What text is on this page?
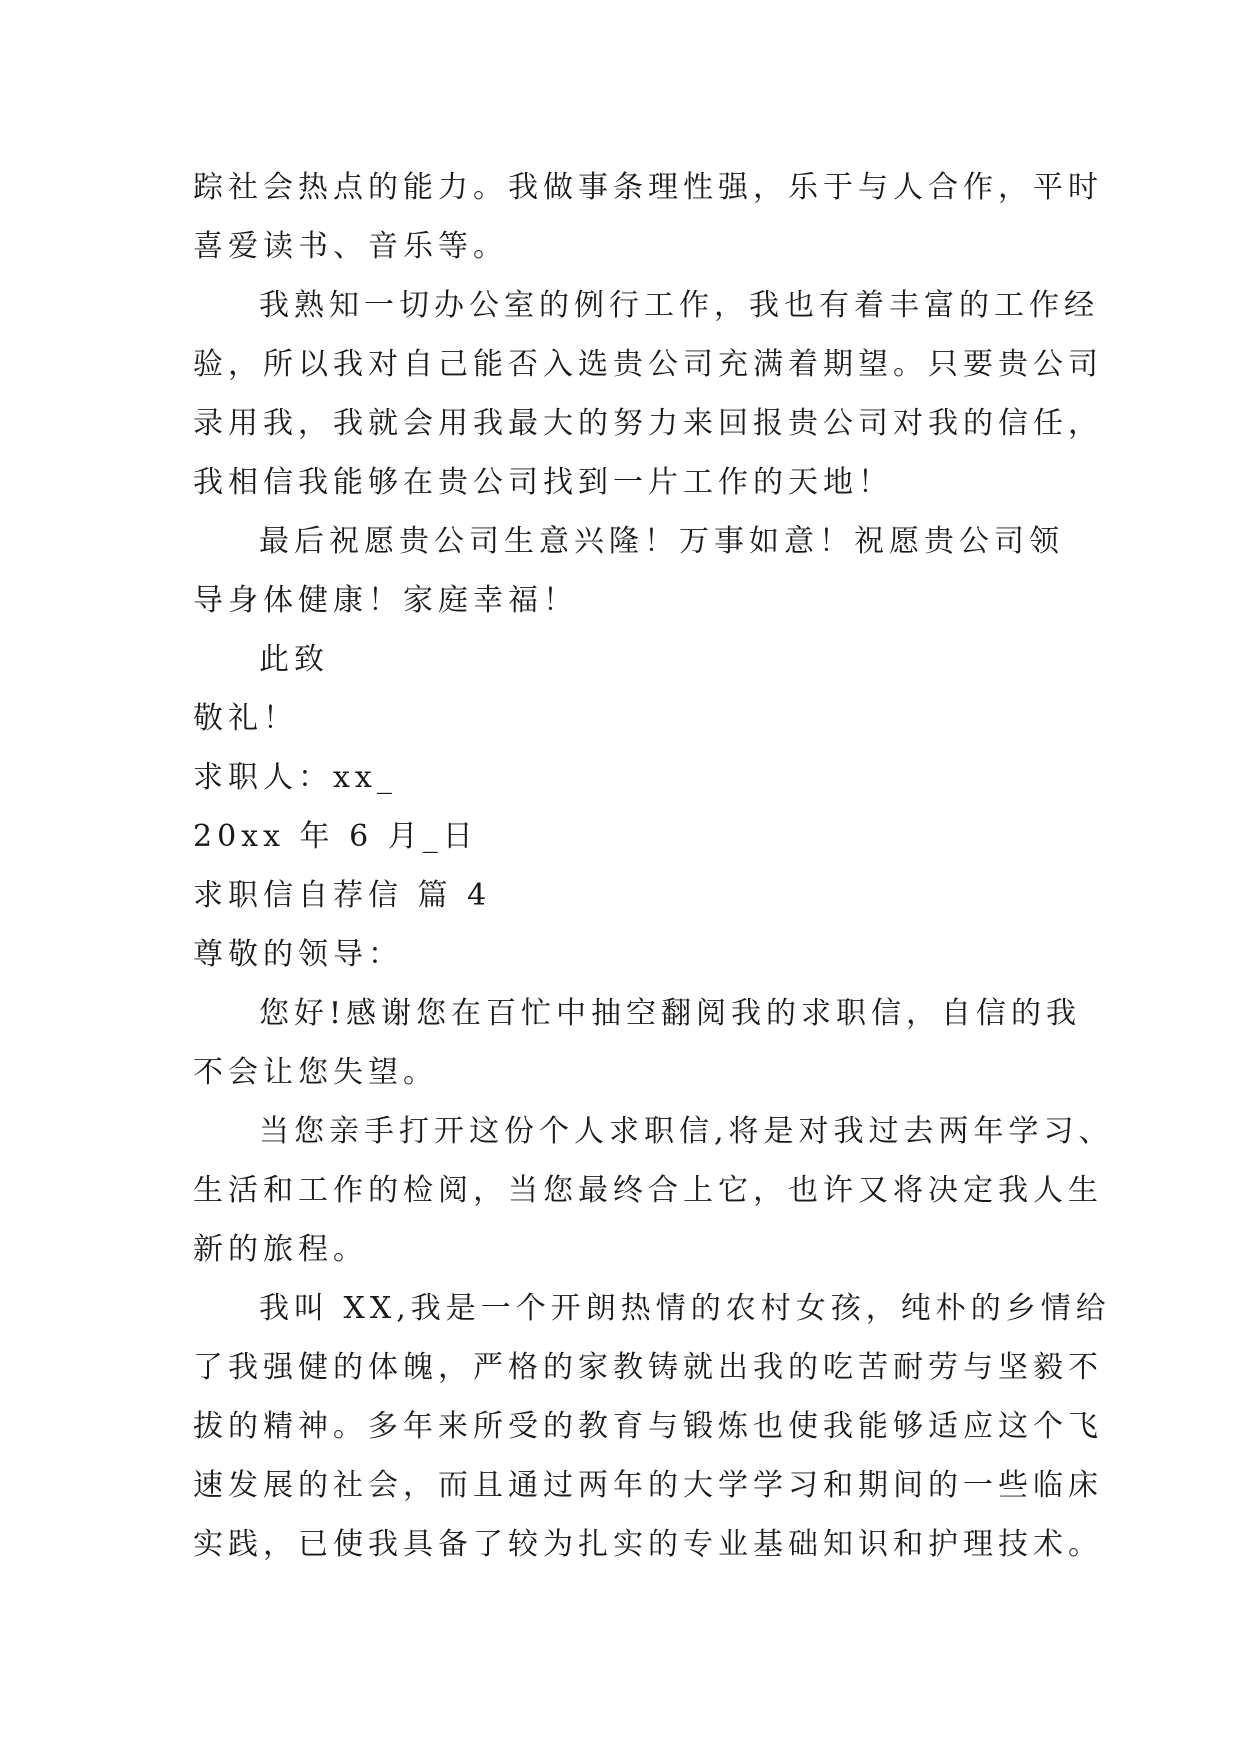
踪社会热点的能力。我做事条理性强，乐于与人合作，平时
喜爱读书、音乐等。
我熟知一切办公室的例行工作，我也有着丰富的工作经
验，所以我对自己能否入选贵公司充满着期望。只要贵公司
录用我，我就会用我最大的努力来回报贵公司对我的信任，
我相信我能够在贵公司找到一片工作的天地！
最后祝愿贵公司生意兴隆！万事如意！祝愿贵公司领
导身体健康！家庭幸福！
此致
敬礼！
求职人：xx_
20xx 年 6 月_日
求职信自荐信 篇 4
尊敬的领导：
您好!感谢您在百忙中抽空翻阅我的求职信，自信的我
不会让您失望。
当您亲手打开这份个人求职信,将是对我过去两年学习、
生活和工作的检阅，当您最终合上它，也许又将决定我人生
新的旅程。
我叫 XX,我是一个开朗热情的农村女孩，纯朴的乡情给
了我强健的体魄，严格的家教铸就出我的吃苦耐劳与坚毅不
拔的精神。多年来所受的教育与锻炼也使我能够适应这个飞
速发展的社会，而且通过两年的大学学习和期间的一些临床
实践，已使我具备了较为扎实的专业基础知识和护理技术。
